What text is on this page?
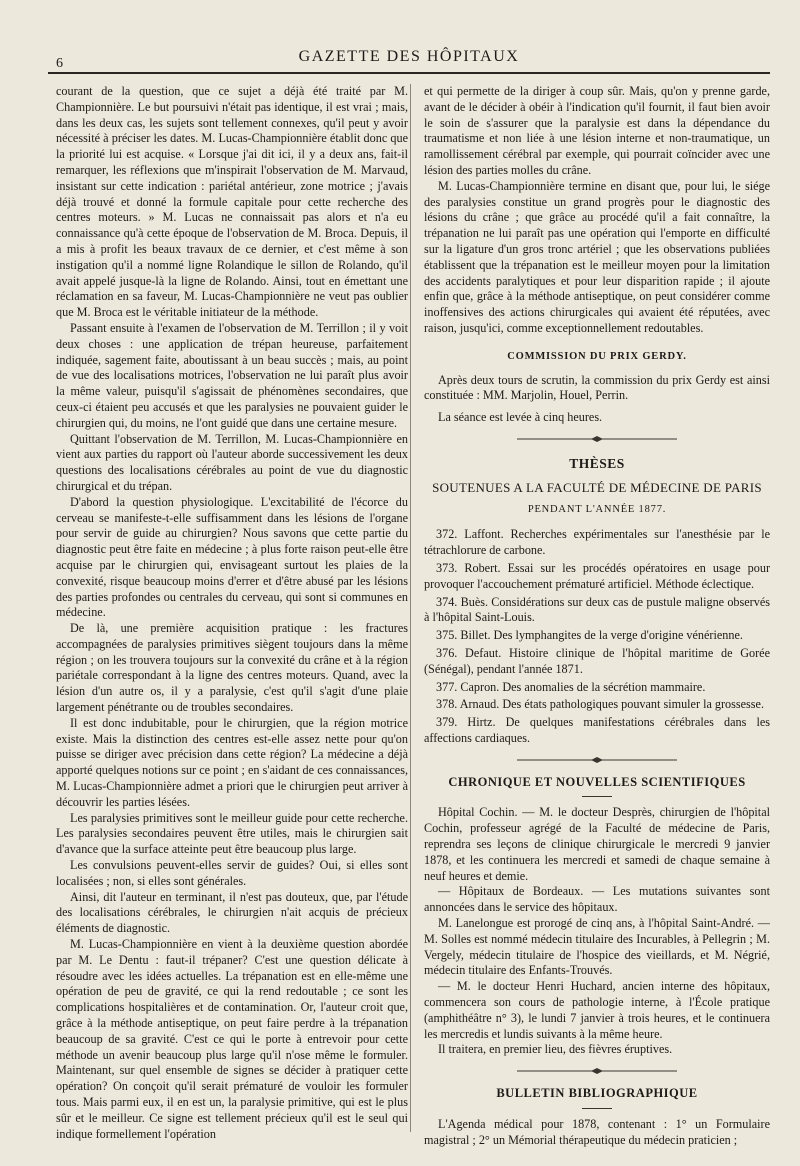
6	GAZETTE DES HÔPITAUX

courant de la question, que ce sujet a déjà été traité par M. Championnière. Le but poursuivi n'était pas identique, il est vrai ; mais, dans les deux cas, les sujets sont tellement connexes, qu'il peut y avoir nécessité à préciser les dates. M. Lucas-Championnière établit donc que la priorité lui est acquise. « Lorsque j'ai dit ici, il y a deux ans, fait-il remarquer, les réflexions que m'inspirait l'observation de M. Marvaud, insistant sur cette indication : pariétal antérieur, zone motrice ; j'avais déjà trouvé et donné la formule capitale pour cette recherche des centres moteurs. » M. Lucas ne connaissait pas alors et n'a eu connaissance qu'à cette époque de l'observation de M. Broca. Depuis, il a mis à profit les beaux travaux de ce dernier, et c'est même à son instigation qu'il a nommé ligne Rolandique le sillon de Rolando, qu'il avait appelé jusque-là la ligne de Rolando. Ainsi, tout en émettant une réclamation en sa faveur, M. Lucas-Championnière ne veut pas oublier que M. Broca est le véritable initiateur de la méthode.

Passant ensuite à l'examen de l'observation de M. Terrillon ; il y voit deux choses : une application de trépan heureuse, parfaitement indiquée, sagement faite, aboutissant à un beau succès ; mais, au point de vue des localisations motrices, l'observation ne lui paraît plus avoir la même valeur, puisqu'il s'agissait de phénomènes secondaires, que ceux-ci étaient peu accusés et que les paralysies ne pouvaient guider le chirurgien qui, du moins, ne l'ont guidé que dans une certaine mesure.

Quittant l'observation de M. Terrillon, M. Lucas-Championnière en vient aux parties du rapport où l'auteur aborde successivement les deux questions des localisations cérébrales au point de vue du diagnostic chirurgical et du trépan.

D'abord la question physiologique. L'excitabilité de l'écorce du cerveau se manifeste-t-elle suffisamment dans les lésions de l'organe pour servir de guide au chirurgien? Nous savons que cette partie du diagnostic peut être faite en médecine ; à plus forte raison peut-elle être acquise par le chirurgien qui, envisageant surtout les plaies de la convexité, risque beaucoup moins d'errer et d'être abusé par les lésions des parties profondes ou centrales du cerveau, qui sont si communes en médecine.

De là, une première acquisition pratique : les fractures accompagnées de paralysies primitives siègent toujours dans la même région ; on les trouvera toujours sur la convexité du crâne et à la région pariétale correspondant à la ligne des centres moteurs. Quand, avec la lésion d'un autre os, il y a paralysie, c'est qu'il s'agit d'une plaie largement pénétrante ou de troubles secondaires.

Il est donc indubitable, pour le chirurgien, que la région motrice existe. Mais la distinction des centres est-elle assez nette pour qu'on puisse se diriger avec précision dans cette région? La médecine a déjà apporté quelques notions sur ce point ; en s'aidant de ces connaissances, M. Lucas-Championnière admet a priori que le chirurgien peut arriver à découvrir les parties lésées.

Les paralysies primitives sont le meilleur guide pour cette recherche. Les paralysies secondaires peuvent être utiles, mais le chirurgien sait d'avance que la surface atteinte peut être beaucoup plus large.

Les convulsions peuvent-elles servir de guides? Oui, si elles sont localisées ; non, si elles sont générales.

Ainsi, dit l'auteur en terminant, il n'est pas douteux, que, par l'étude des localisations cérébrales, le chirurgien n'ait acquis de précieux éléments de diagnostic.

M. Lucas-Championnière en vient à la deuxième question abordée par M. Le Dentu : faut-il trépaner? C'est une question délicate à résoudre avec les idées actuelles. La trépanation est en elle-même une opération de peu de gravité, ce qui la rend redoutable ; ce sont les complications hospitalières et de contamination. Or, l'auteur croit que, grâce à la méthode antiseptique, on peut faire perdre à la trépanation beaucoup de sa gravité. C'est ce qui le porte à entrevoir pour cette méthode un avenir beaucoup plus large qu'il n'ose même le formuler. Maintenant, sur quel ensemble de signes se décider à pratiquer cette opération? On conçoit qu'il serait prématuré de vouloir les formuler tous. Mais parmi eux, il en est un, la paralysie primitive, qui est le plus sûr et le meilleur. Ce signe est tellement précieux qu'il est le seul qui indique formellement l'opération

et qui permette de la diriger à coup sûr. Mais, qu'on y prenne garde, avant de le décider à obéir à l'indication qu'il fournit, il faut bien avoir le soin de s'assurer que la paralysie est dans la dépendance du traumatisme et non liée à une lésion interne et non-traumatique, un ramollissement cérébral par exemple, qui pourrait coïncider avec une lésion des parties molles du crâne.

M. Lucas-Championnière termine en disant que, pour lui, le siége des paralysies constitue un grand progrès pour le diagnostic des lésions du crâne ; que grâce au procédé qu'il a fait connaître, la trépanation ne lui paraît pas une opération qui l'emporte en difficulté sur la ligature d'un gros tronc artériel ; que les observations publiées établissent que la trépanation est le meilleur moyen pour la limitation des accidents paralytiques et pour leur disparition rapide ; il ajoute enfin que, grâce à la méthode antiseptique, on peut considérer comme inoffensives des actions chirurgicales qui avaient été réputées, avec raison, jusqu'ici, comme exceptionnellement redoutables.

COMMISSION DU PRIX GERDY.

Après deux tours de scrutin, la commission du prix Gerdy est ainsi constituée : MM. Marjolin, Houel, Perrin.

La séance est levée à cinq heures.

THÈSES
SOUTENUES A LA FACULTÉ DE MÉDECINE DE PARIS
PENDANT L'ANNÉE 1877.

372. Laffont. Recherches expérimentales sur l'anesthésie par le tétrachlorure de carbone.

373. Robert. Essai sur les procédés opératoires en usage pour provoquer l'accouchement prématuré artificiel. Méthode éclectique.

374. Buès. Considérations sur deux cas de pustule maligne observés à l'hôpital Saint-Louis.

375. Billet. Des lymphangites de la verge d'origine vénérienne.

376. Defaut. Histoire clinique de l'hôpital maritime de Gorée (Sénégal), pendant l'année 1871.

377. Capron. Des anomalies de la sécrétion mammaire.

378. Arnaud. Des états pathologiques pouvant simuler la grossesse.

379. Hirtz. De quelques manifestations cérébrales dans les affections cardiaques.

CHRONIQUE ET NOUVELLES SCIENTIFIQUES

Hôpital Cochin. — M. le docteur Desprès, chirurgien de l'hôpital Cochin, professeur agrégé de la Faculté de médecine de Paris, reprendra ses leçons de clinique chirurgicale le mercredi 9 janvier 1878, et les continuera les mercredi et samedi de chaque semaine à neuf heures et demie.

— Hôpitaux de Bordeaux. — Les mutations suivantes sont annoncées dans le service des hôpitaux.

M. Lanelongue est prorogé de cinq ans, à l'hôpital Saint-André. — M. Solles est nommé médecin titulaire des Incurables, à Pellegrin ; M. Vergely, médecin titulaire de l'hospice des vieillards, et M. Négrié, médecin titulaire des Enfants-Trouvés.

— M. le docteur Henri Huchard, ancien interne des hôpitaux, commencera son cours de pathologie interne, à l'École pratique (amphithéâtre n° 3), le lundi 7 janvier à trois heures, et le continuera les mercredis et lundis suivants à la même heure.

Il traitera, en premier lieu, des fièvres éruptives.

BULLETIN BIBLIOGRAPHIQUE

L'Agenda médical pour 1878, contenant : 1° un Formulaire magistral ; 2° un Mémorial thérapeutique du médecin praticien ;
